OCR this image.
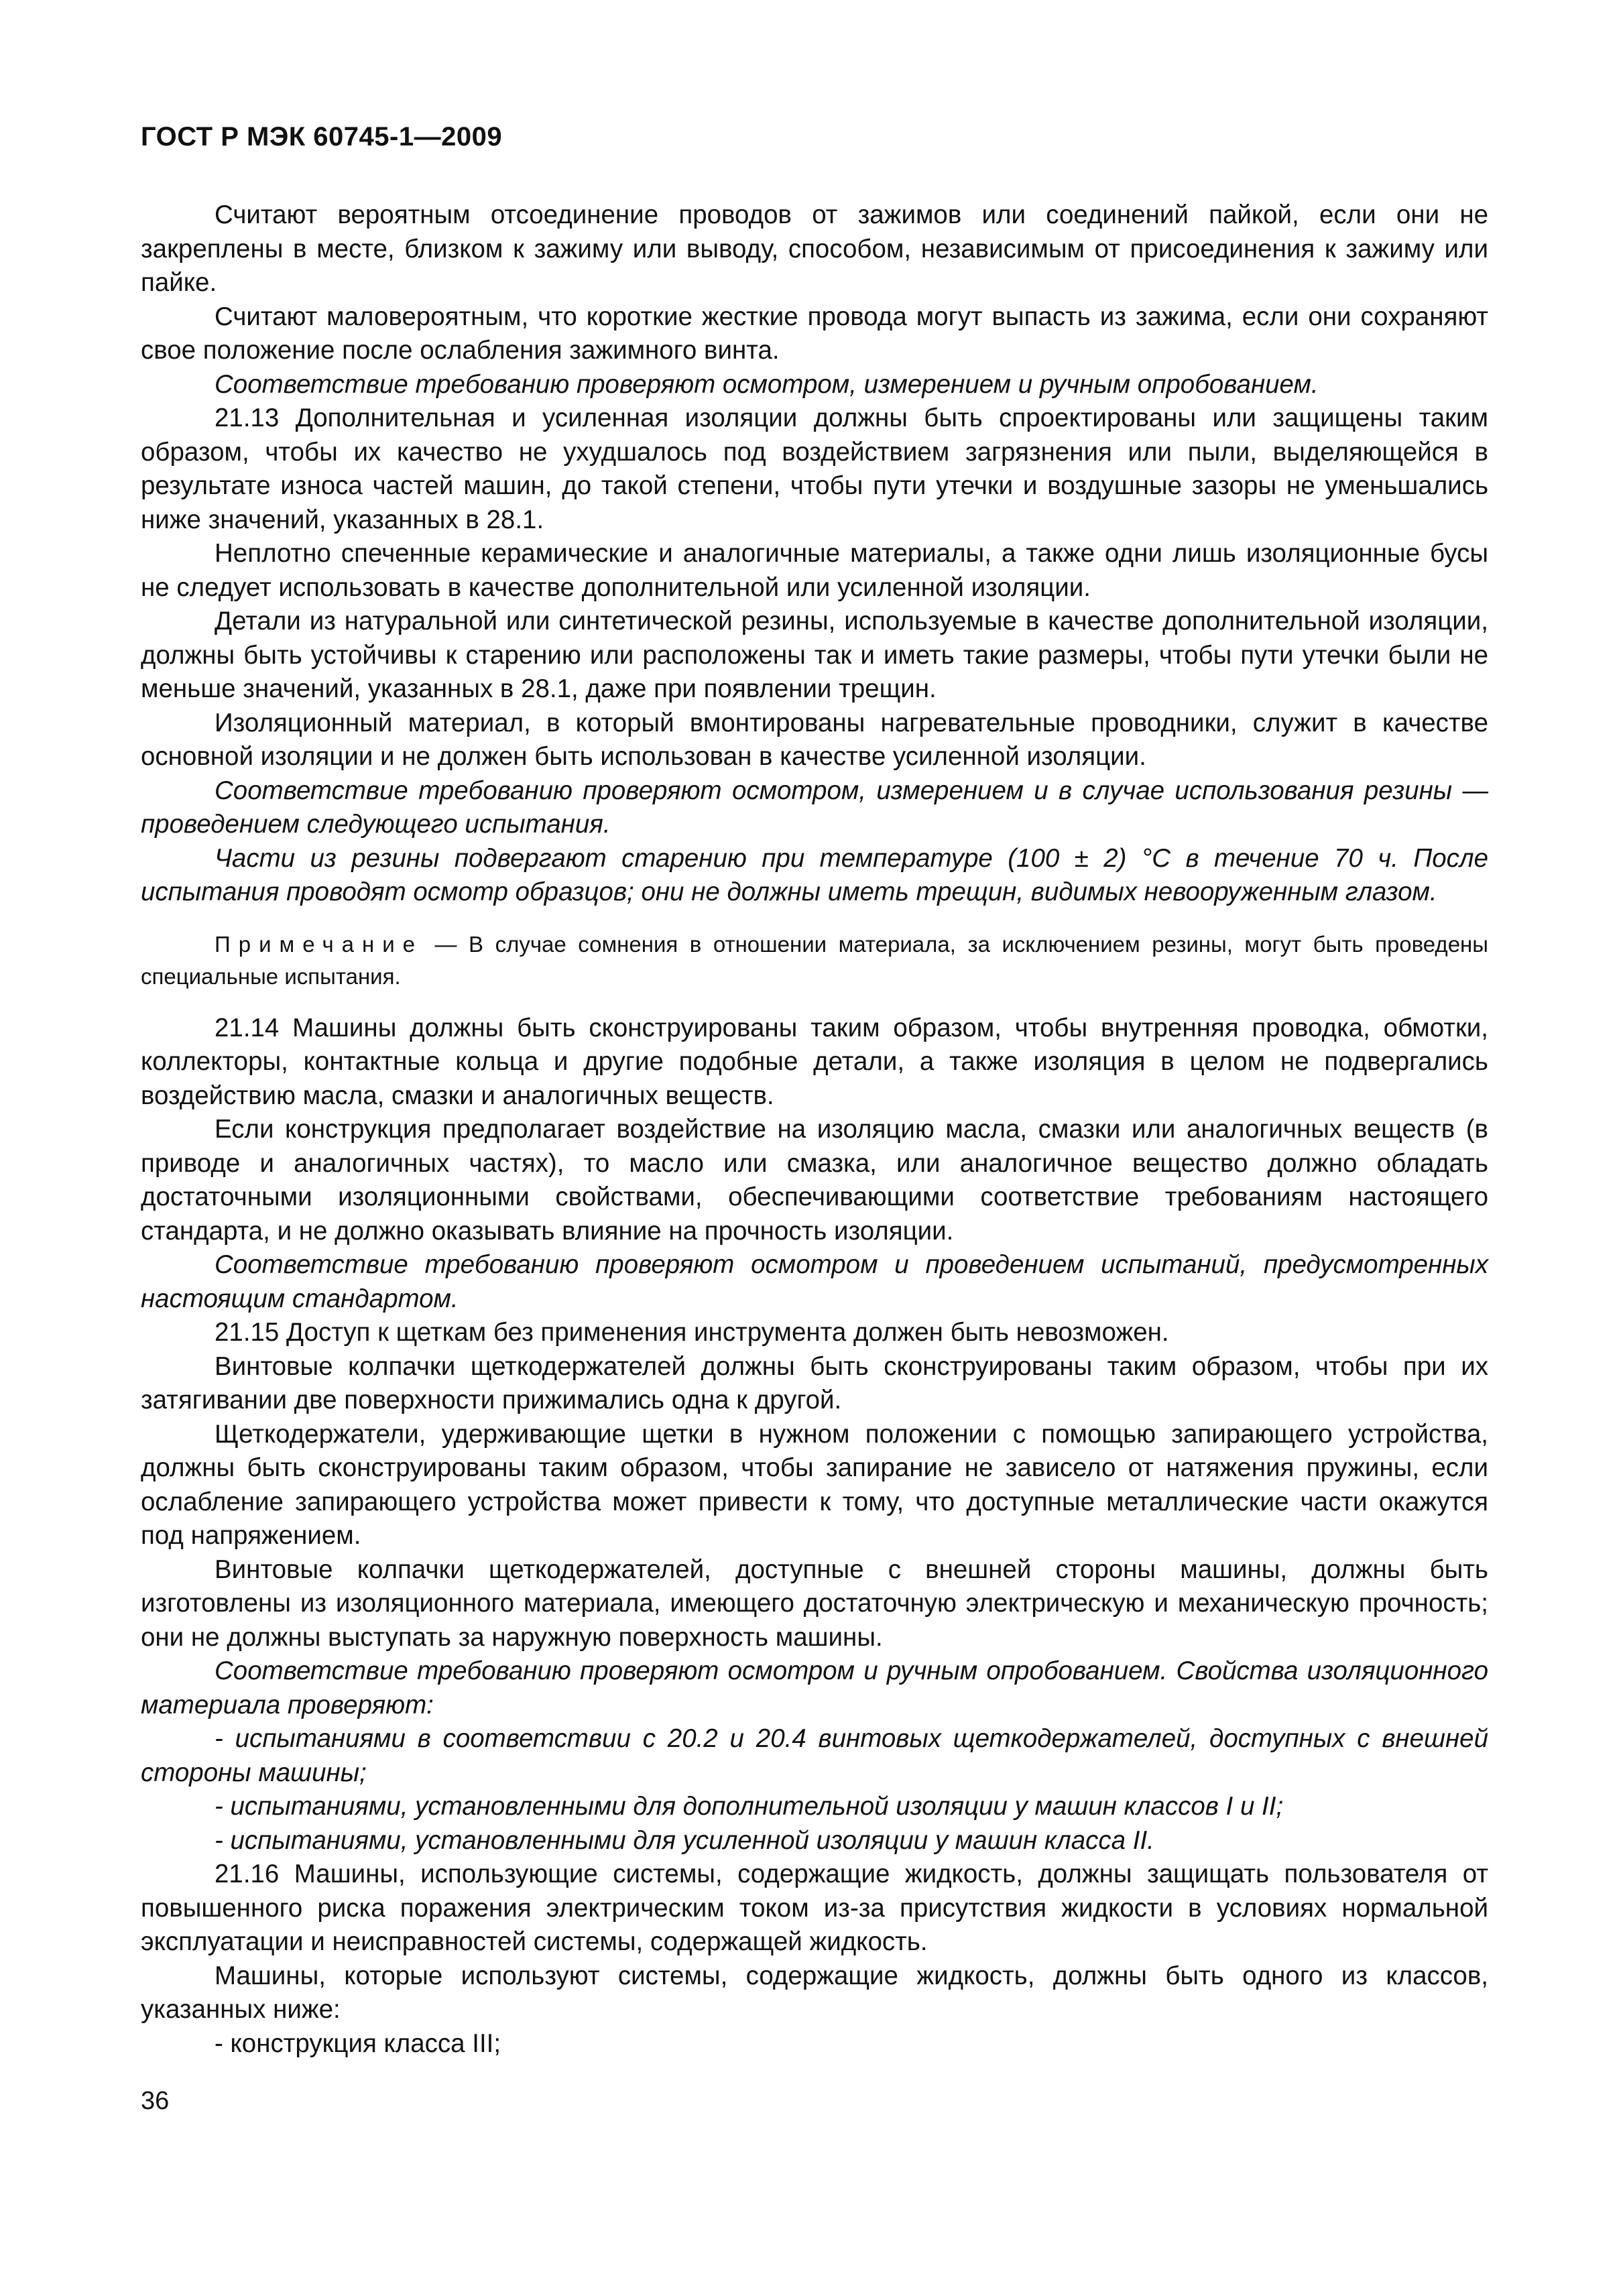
ГОСТ Р МЭК 60745-1—2009

Считают вероятным отсоединение проводов от зажимов или соединений пайкой, если они не закреплены в месте, близком к зажиму или выводу, способом, независимым от присоединения к зажиму или пайке.

Считают маловероятным, что короткие жесткие провода могут выпасть из зажима, если они сохраняют свое положение после ослабления зажимного винта.

Соответствие требованию проверяют осмотром, измерением и ручным опробованием.

21.13 Дополнительная и усиленная изоляции должны быть спроектированы или защищены таким образом, чтобы их качество не ухудшалось под воздействием загрязнения или пыли, выделяющейся в результате износа частей машин, до такой степени, чтобы пути утечки и воздушные зазоры не уменьшались ниже значений, указанных в 28.1.

Неплотно спеченные керамические и аналогичные материалы, а также одни лишь изоляционные бусы не следует использовать в качестве дополнительной или усиленной изоляции.

Детали из натуральной или синтетической резины, используемые в качестве дополнительной изоляции, должны быть устойчивы к старению или расположены так и иметь такие размеры, чтобы пути утечки были не меньше значений, указанных в 28.1, даже при появлении трещин.

Изоляционный материал, в который вмонтированы нагревательные проводники, служит в качестве основной изоляции и не должен быть использован в качестве усиленной изоляции.

Соответствие требованию проверяют осмотром, измерением и в случае использования резины — проведением следующего испытания.

Части из резины подвергают старению при температуре (100 ± 2) °C в течение 70 ч. После испытания проводят осмотр образцов; они не должны иметь трещин, видимых невооруженным глазом.

Примечание — В случае сомнения в отношении материала, за исключением резины, могут быть проведены специальные испытания.

21.14 Машины должны быть сконструированы таким образом, чтобы внутренняя проводка, обмотки, коллекторы, контактные кольца и другие подобные детали, а также изоляция в целом не подвергались воздействию масла, смазки и аналогичных веществ.

Если конструкция предполагает воздействие на изоляцию масла, смазки или аналогичных веществ (в приводе и аналогичных частях), то масло или смазка, или аналогичное вещество должно обладать достаточными изоляционными свойствами, обеспечивающими соответствие требованиям настоящего стандарта, и не должно оказывать влияние на прочность изоляции.

Соответствие требованию проверяют осмотром и проведением испытаний, предусмотренных настоящим стандартом.

21.15 Доступ к щеткам без применения инструмента должен быть невозможен.

Винтовые колпачки щеткодержателей должны быть сконструированы таким образом, чтобы при их затягивании две поверхности прижимались одна к другой.

Щеткодержатели, удерживающие щетки в нужном положении с помощью запирающего устройства, должны быть сконструированы таким образом, чтобы запирание не зависело от натяжения пружины, если ослабление запирающего устройства может привести к тому, что доступные металлические части окажутся под напряжением.

Винтовые колпачки щеткодержателей, доступные с внешней стороны машины, должны быть изготовлены из изоляционного материала, имеющего достаточную электрическую и механическую прочность; они не должны выступать за наружную поверхность машины.

Соответствие требованию проверяют осмотром и ручным опробованием. Свойства изоляционного материала проверяют:

- испытаниями в соответствии с 20.2 и 20.4 винтовых щеткодержателей, доступных с внешней стороны машины;

- испытаниями, установленными для дополнительной изоляции у машин классов I и II;

- испытаниями, установленными для усиленной изоляции у машин класса II.

21.16 Машины, использующие системы, содержащие жидкость, должны защищать пользователя от повышенного риска поражения электрическим током из-за присутствия жидкости в условиях нормальной эксплуатации и неисправностей системы, содержащей жидкость.

Машины, которые используют системы, содержащие жидкость, должны быть одного из классов, указанных ниже:

- конструкция класса III;

36
